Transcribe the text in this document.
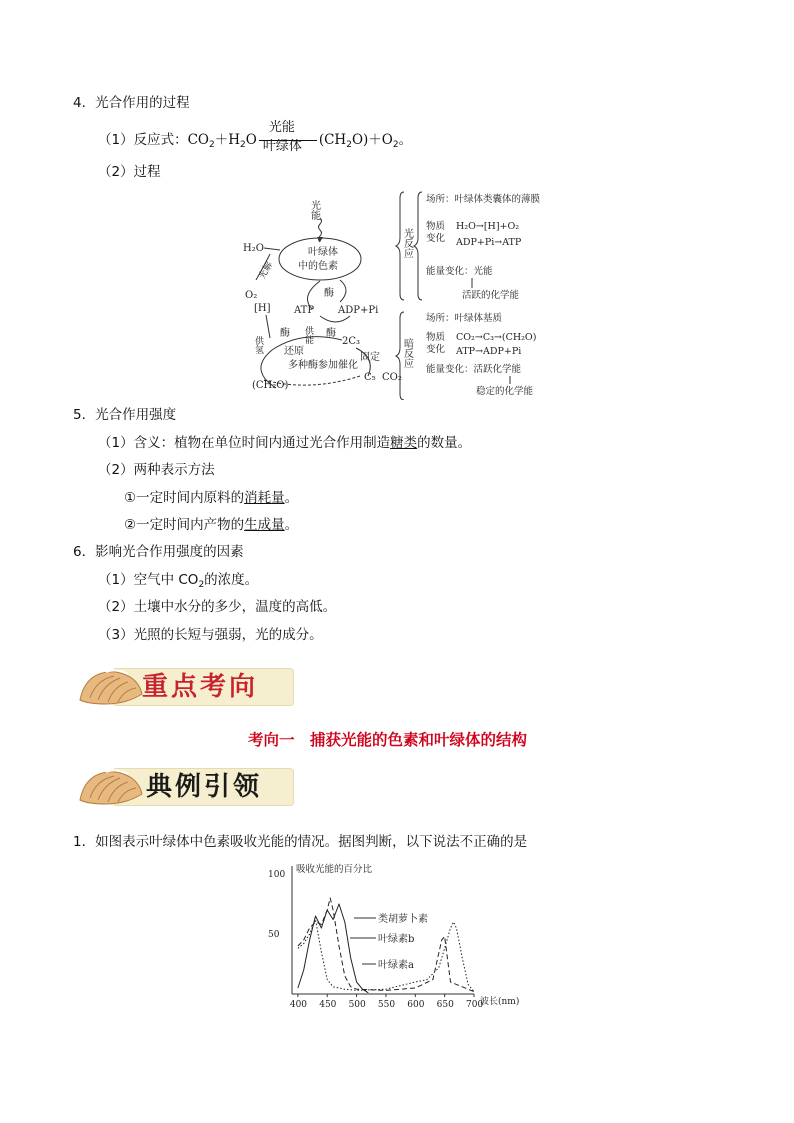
4．光合作用的过程
（1）反应式：$CO_2+H_2O$
光能
叶绿体 $(CH_2O)+O_2$。
（2）过程
光能
叶绿体
中的色素
H₂O
光解
O₂
[H]
供氢
酶
ATP ADP+Pi
供能 酶
酶
2C₃
还原
多种酶参加催化
固定
C₅ CO₂
(CH₂O)
光反应
场所：叶绿体类囊体的薄膜
物质
变化
H₂O→[H]+O₂
ADP+Pi→ATP
能量变化：光能
活跃的化学能
暗反应
场所：叶绿体基质
物质
变化
CO₂→C₃→(CH₂O)
ATP→ADP+Pi
能量变化：活跃化学能
稳定的化学能
5．光合作用强度
（1）含义：植物在单位时间内通过光合作用制造糖类的数量。
（2）两种表示方法
①一定时间内原料的消耗量。
②一定时间内产物的生成量。
6．影响光合作用强度的因素
（1）空气中 $CO_2$的浓度。
（2）土壤中水分的多少，温度的高低。
（3）光照的长短与强弱，光的成分。
重点考向
考向一　捕获光能的色素和叶绿体的结构
典例引领
1．如图表示叶绿体中色素吸收光能的情况。据图判断，以下说法不正确的是
吸收光能的百分比
波长(nm)
400 450 500 550 600 650 700
100
50
类胡萝卜素
叶绿素b
叶绿素a
